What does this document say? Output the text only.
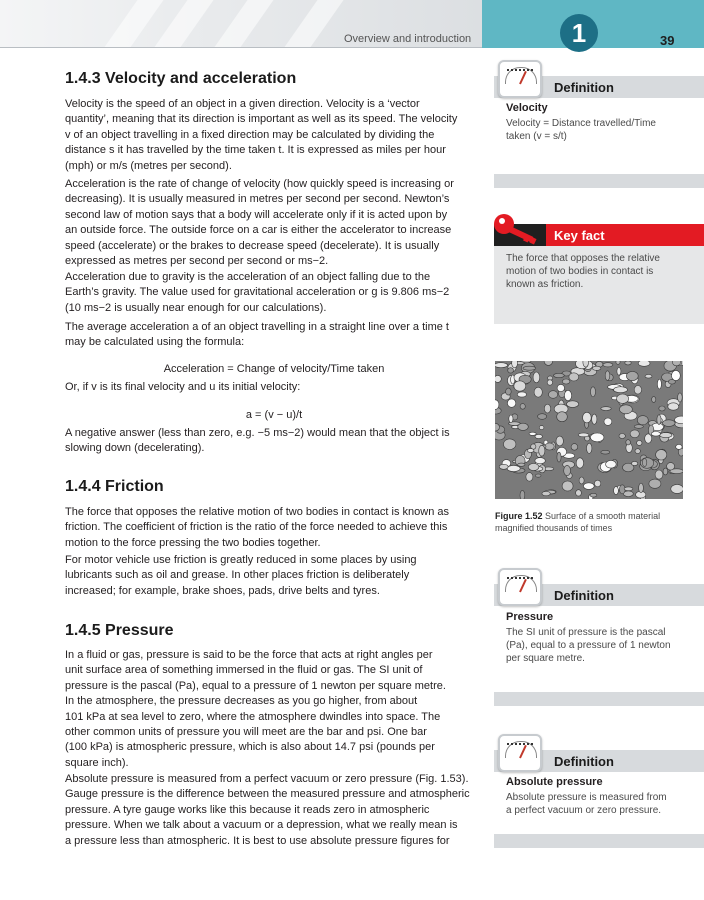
Overview and introduction	1	39
1.4.3 Velocity and acceleration
Velocity is the speed of an object in a given direction. Velocity is a ‘vector
quantity’, meaning that its direction is important as well as its speed. The velocity
v of an object travelling in a fixed direction may be calculated by dividing the
distance s it has travelled by the time taken t. It is expressed as miles per hour
(mph) or m/s (metres per second).
Acceleration is the rate of change of velocity (how quickly speed is increasing or
decreasing). It is usually measured in metres per second per second. Newton’s
second law of motion says that a body will accelerate only if it is acted upon by
an outside force. The outside force on a car is either the accelerator to increase
speed (accelerate) or the brakes to decrease speed (decelerate). It is usually
expressed as metres per second per second or ms−2.
Acceleration due to gravity is the acceleration of an object falling due to the
Earth’s gravity. The value used for gravitational acceleration or g is 9.806 ms−2
(10 ms−2 is usually near enough for our calculations).
The average acceleration a of an object travelling in a straight line over a time t
may be calculated using the formula:
Acceleration = Change of velocity/Time taken
Or, if v is its final velocity and u its initial velocity:
a = (v − u)/t
A negative answer (less than zero, e.g. −5 ms−2) would mean that the object is
slowing down (decelerating).
1.4.4 Friction
The force that opposes the relative motion of two bodies in contact is known as
friction. The coefficient of friction is the ratio of the force needed to achieve this
motion to the force pressing the two bodies together.
For motor vehicle use friction is greatly reduced in some places by using
lubricants such as oil and grease. In other places friction is deliberately
increased; for example, brake shoes, pads, drive belts and tyres.
1.4.5 Pressure
In a fluid or gas, pressure is said to be the force that acts at right angles per
unit surface area of something immersed in the fluid or gas. The SI unit of
pressure is the pascal (Pa), equal to a pressure of 1 newton per square metre.
In the atmosphere, the pressure decreases as you go higher, from about
101 kPa at sea level to zero, where the atmosphere dwindles into space. The
other common units of pressure you will meet are the bar and psi. One bar
(100 kPa) is atmospheric pressure, which is also about 14.7 psi (pounds per
square inch).
Absolute pressure is measured from a perfect vacuum or zero pressure (Fig. 1.53).
Gauge pressure is the difference between the measured pressure and atmospheric
pressure. A tyre gauge works like this because it reads zero in atmospheric
pressure. When we talk about a vacuum or a depression, what we really mean is
a pressure less than atmospheric. It is best to use absolute pressure figures for
Definition
Velocity
Velocity = Distance travelled/Time
taken (v = s/t)
Key fact
The force that opposes the relative
motion of two bodies in contact is
known as friction.
Figure 1.52 Surface of a smooth material
magnified thousands of times
Definition
Pressure
The SI unit of pressure is the pascal
(Pa), equal to a pressure of 1 newton
per square metre.
Definition
Absolute pressure
Absolute pressure is measured from
a perfect vacuum or zero pressure.
